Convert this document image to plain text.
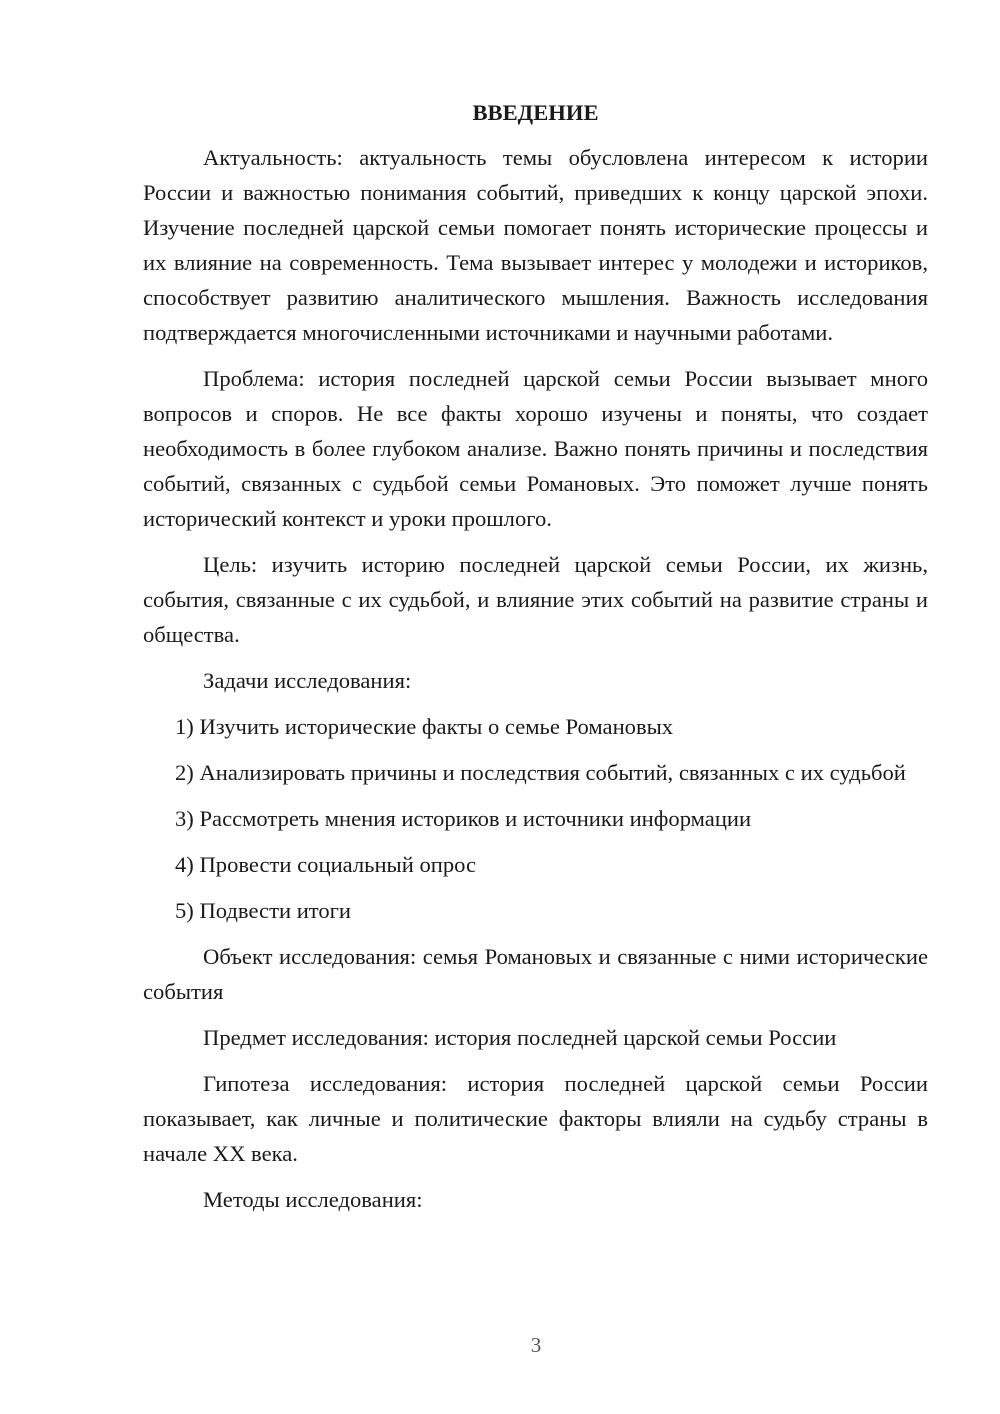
ВВЕДЕНИЕ

Актуальность: актуальность темы обусловлена интересом к истории России и важностью понимания событий, приведших к концу царской эпохи. Изучение последней царской семьи помогает понять исторические процессы и их влияние на современность. Тема вызывает интерес у молодежи и историков, способствует развитию аналитического мышления. Важность исследования подтверждается многочисленными источниками и научными работами.

Проблема: история последней царской семьи России вызывает много вопросов и споров. Не все факты хорошо изучены и поняты, что создает необходимость в более глубоком анализе. Важно понять причины и последствия событий, связанных с судьбой семьи Романовых. Это поможет лучше понять исторический контекст и уроки прошлого.

Цель: изучить историю последней царской семьи России, их жизнь, события, связанные с их судьбой, и влияние этих событий на развитие страны и общества.

Задачи исследования:

1) Изучить исторические факты о семье Романовых

2) Анализировать причины и последствия событий, связанных с их судьбой

3) Рассмотреть мнения историков и источники информации

4) Провести социальный опрос

5) Подвести итоги

Объект исследования: семья Романовых и связанные с ними исторические события

Предмет исследования: история последней царской семьи России

Гипотеза исследования: история последней царской семьи России показывает, как личные и политические факторы влияли на судьбу страны в начале XX века.

Методы исследования:

3
